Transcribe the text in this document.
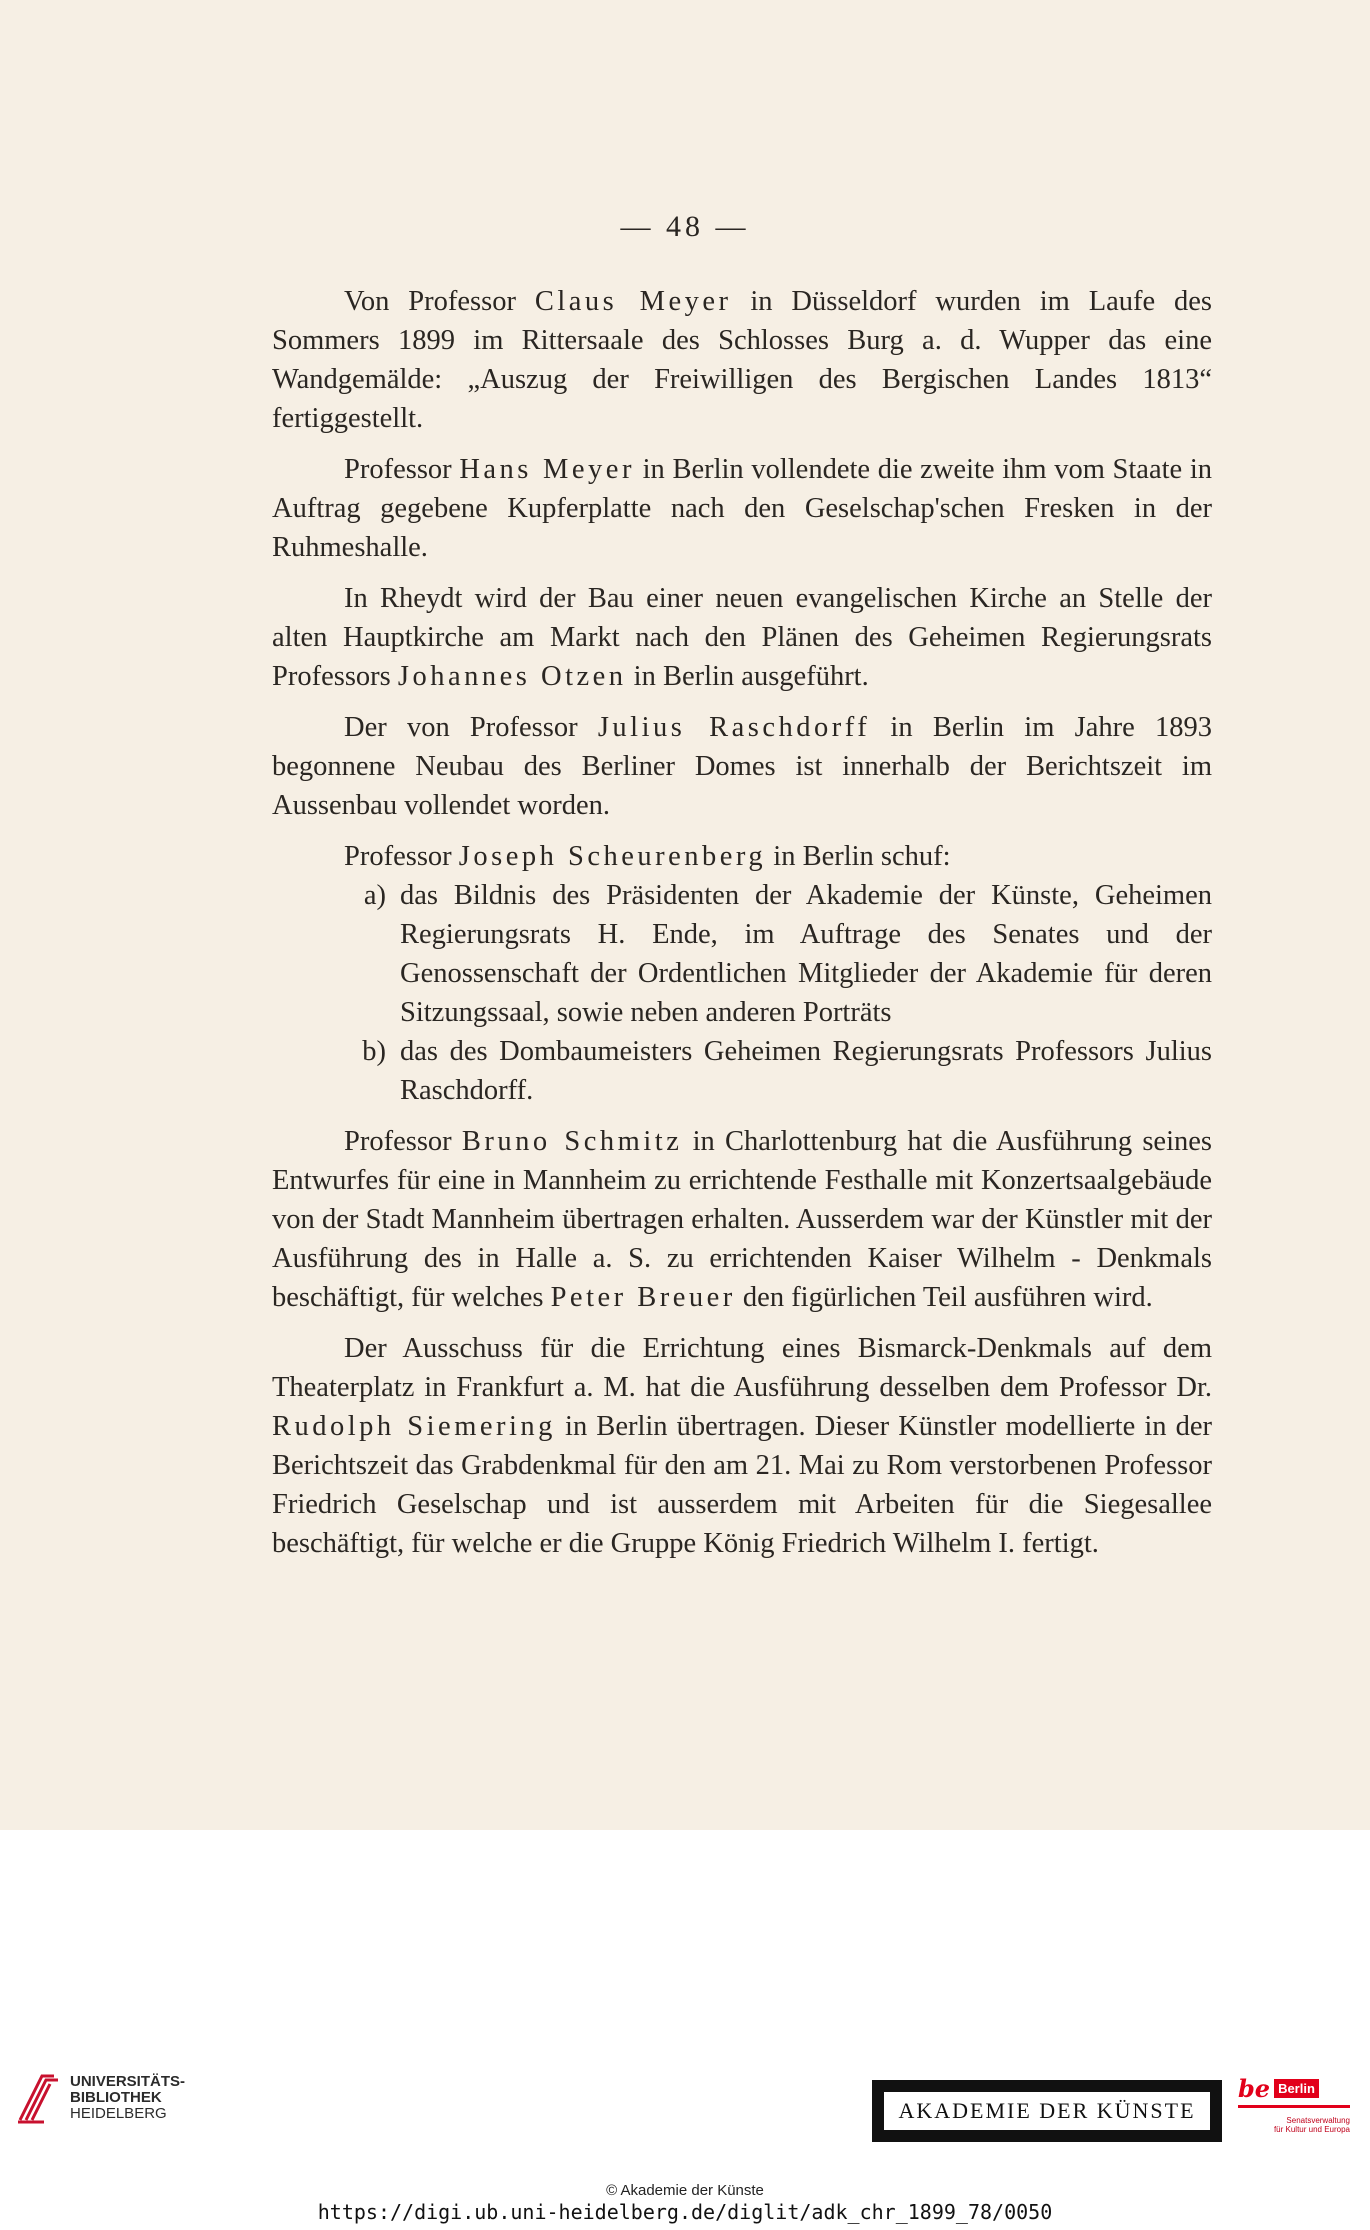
— 48 —

Von Professor Claus Meyer in Düsseldorf wurden im Laufe des Sommers 1899 im Rittersaale des Schlosses Burg a. d. Wupper das eine Wandgemälde: „Auszug der Freiwilligen des Bergischen Landes 1813“ fertiggestellt.

Professor Hans Meyer in Berlin vollendete die zweite ihm vom Staate in Auftrag gegebene Kupferplatte nach den Geselschap'schen Fresken in der Ruhmeshalle.

In Rheydt wird der Bau einer neuen evangelischen Kirche an Stelle der alten Hauptkirche am Markt nach den Plänen des Geheimen Regierungsrats Professors Johannes Otzen in Berlin ausgeführt.

Der von Professor Julius Raschdorff in Berlin im Jahre 1893 begonnene Neubau des Berliner Domes ist innerhalb der Berichtszeit im Aussenbau vollendet worden.

Professor Joseph Scheurenberg in Berlin schuf:

a) das Bildnis des Präsidenten der Akademie der Künste, Geheimen Regierungsrats H. Ende, im Auftrage des Senates und der Genossenschaft der Ordentlichen Mitglieder der Akademie für deren Sitzungssaal, sowie neben anderen Porträts
b) das des Dombaumeisters Geheimen Regierungsrats Professors Julius Raschdorff.

Professor Bruno Schmitz in Charlottenburg hat die Ausführung seines Entwurfes für eine in Mannheim zu errichtende Festhalle mit Konzertsaalgebäude von der Stadt Mannheim übertragen erhalten. Ausserdem war der Künstler mit der Ausführung des in Halle a. S. zu errichtenden Kaiser Wilhelm - Denkmals beschäftigt, für welches Peter Breuer den figürlichen Teil ausführen wird.

Der Ausschuss für die Errichtung eines Bismarck-Denkmals auf dem Theaterplatz in Frankfurt a. M. hat die Ausführung desselben dem Professor Dr. Rudolph Siemering in Berlin übertragen. Dieser Künstler modellierte in der Berichtszeit das Grabdenkmal für den am 21. Mai zu Rom verstorbenen Professor Friedrich Geselschap und ist ausserdem mit Arbeiten für die Siegesallee beschäftigt, für welche er die Gruppe König Friedrich Wilhelm I. fertigt.

UNIVERSITÄTS-
BIBLIOTHEK
HEIDELBERG	AKADEMIE DER KÜNSTE
be Berlin
Senatsverwaltung
für Kultur und Europa
© Akademie der Künste
https://digi.ub.uni-heidelberg.de/diglit/adk_chr_1899_78/0050
